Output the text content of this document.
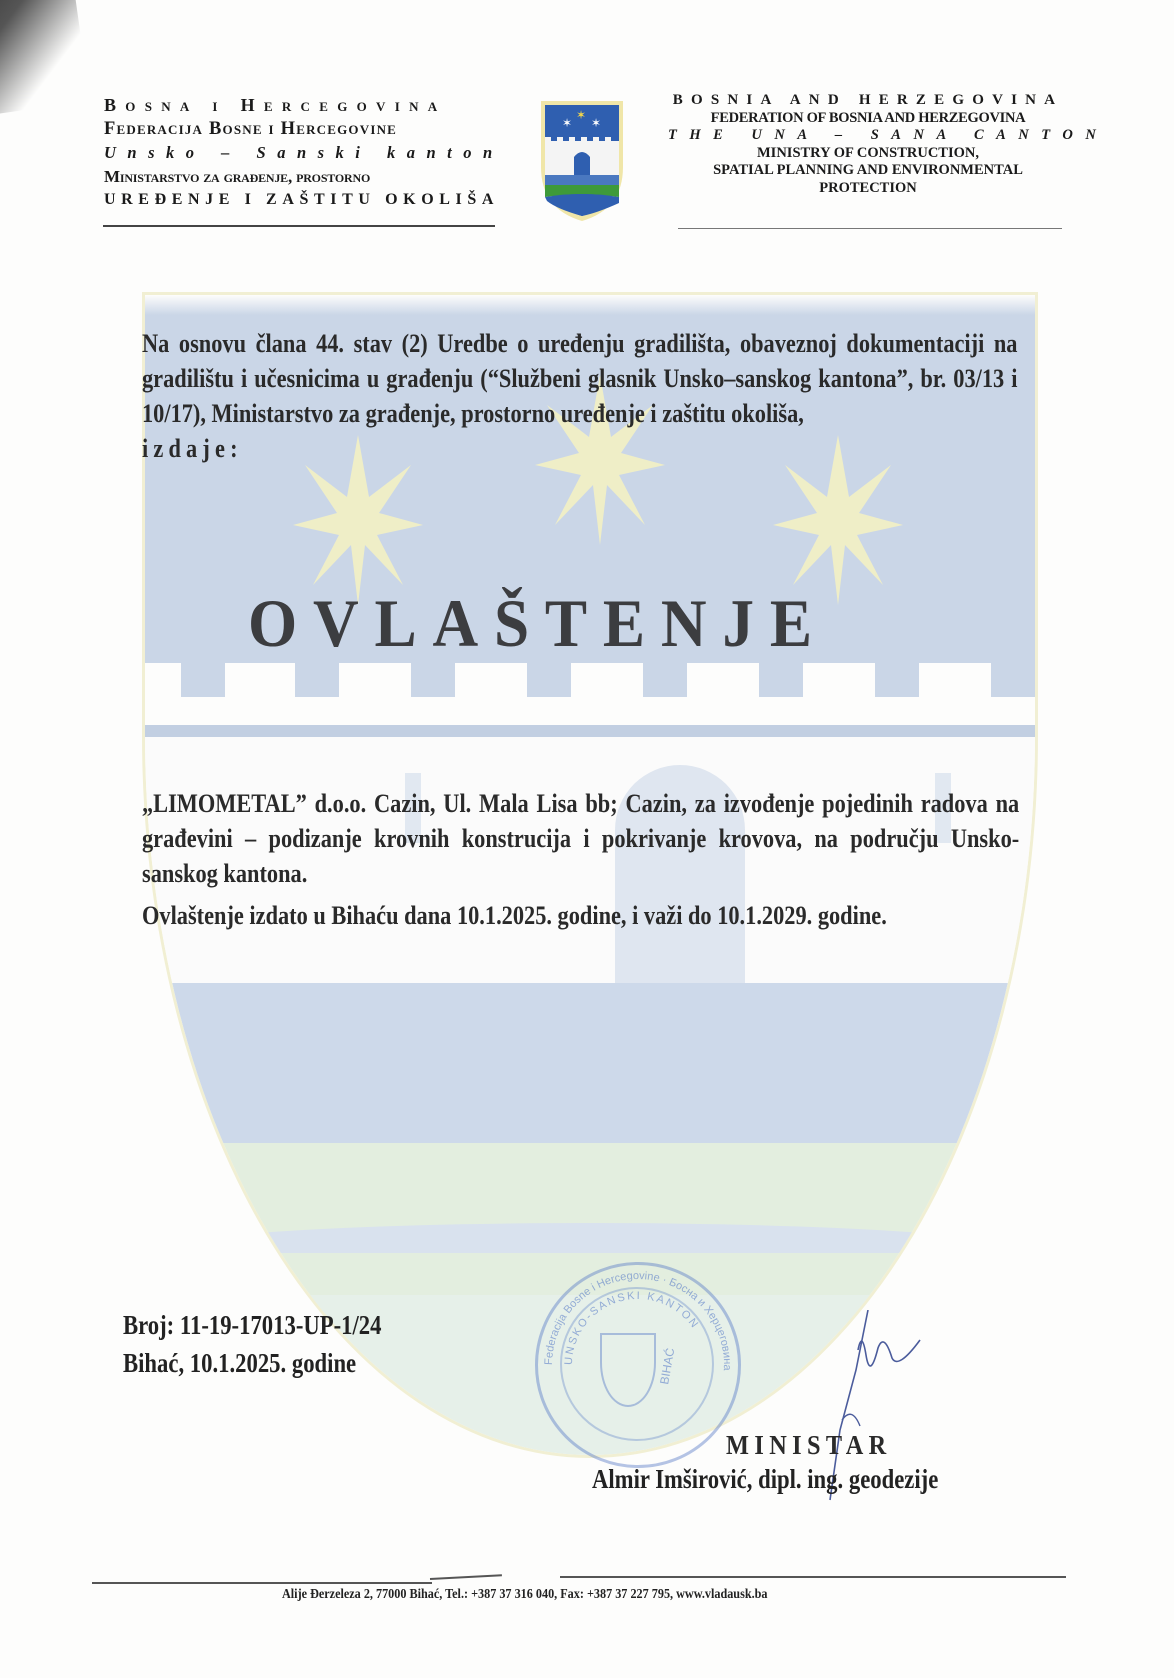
Bosna i Hercegovina
Federacija Bosne i Hercegovine
Unsko – Sanski kanton
Ministarstvo za građenje, prostorno
UREĐENJE I ZAŠTITU OKOLIŠA
✶
✶
✶
BOSNIA AND HERZEGOVINA
FEDERATION OF BOSNIA AND HERZEGOVINA
THE UNA – SANA CANTON
MINISTRY OF CONSTRUCTION,
SPATIAL PLANNING AND ENVIRONMENTAL
PROTECTION
Na osnovu člana 44. stav (2) Uredbe o uređenju gradilišta, obaveznoj dokumentaciji na gradilištu i učesnicima u građenju (“Službeni glasnik Unsko–sanskog kantona”, br. 03/13 i 10/17), Ministarstvo za građenje, prostorno uređenje i zaštitu okoliša,
izdaje:
OVLAŠTENJE

„LIMOMETAL” d.o.o. Cazin, Ul. Mala Lisa bb; Cazin, za izvođenje pojedinih radova na građevini – podizanje krovnih konstrucija i pokrivanje krovova, na području Unsko-sanskog kantona.

Ovlaštenje izdato u Bihaću dana 10.1.2025. godine, i važi do 10.1.2029. godine.

Broj: 11-19-17013-UP-1/24
Bihać, 10.1.2025. godine	Federacija Bosne i Hercegovine · Босна и Херцеговина
UNSKO-SANSKI KANTON
BIHAĆ
MINISTAR
Almir Imširović, dipl. ing. geodezije
Alije Đerzeleza 2, 77000 Bihać, Tel.: +387 37 316 040, Fax: +387 37 227 795, www.vladausk.ba
